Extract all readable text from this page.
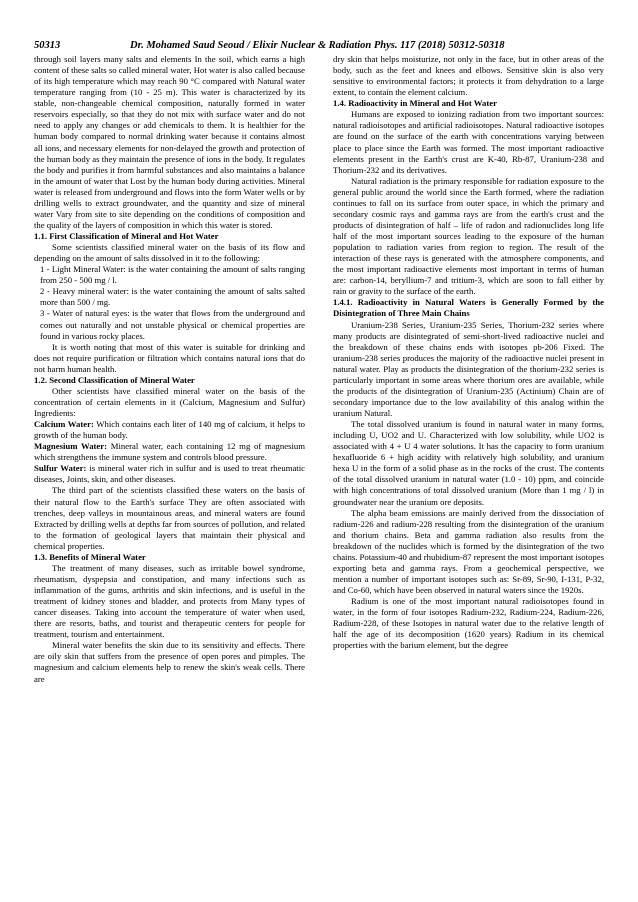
50313	Dr. Mohamed Saud Seoud / Elixir Nuclear & Radiation Phys. 117 (2018) 50312-50318

through soil layers many salts and elements In the soil, which earns a high content of these salts so called mineral water, Hot water is also called because of its high temperature which may reach 90 °C compared with Natural water temperature ranging from (10 - 25 m). This water is characterized by its stable, non-changeable chemical composition, naturally formed in water reservoirs especially, so that they do not mix with surface water and do not need to apply any changes or add chemicals to them. It is healthier for the human body compared to normal drinking water because it contains almost all ions, and necessary elements for non-delayed the growth and protection of the human body as they maintain the presence of ions in the body. It regulates the body and purifies it from harmful substances and also maintains a balance in the amount of water that Lost by the human body during activities. Mineral water is released from underground and flows into the form Water wells or by drilling wells to extract groundwater, and the quantity and size of mineral water Vary from site to site depending on the conditions of composition and the quality of the layers of composition in which this water is stored.

1.1. First Classification of Mineral and Hot Water

Some scientists classified mineral water on the basis of its flow and depending on the amount of salts dissolved in it to the following:

1 - Light Mineral Water: is the water containing the amount of salts ranging from 250 - 500 mg / l.

2 - Heavy mineral water: is the water containing the amount of salts salted more than 500 / mg.

3 - Water of natural eyes: is the water that flows from the underground and comes out naturally and not unstable physical or chemical properties are found in various rocky places.

It is worth noting that most of this water is suitable for drinking and does not require purification or filtration which contains natural ions that do not harm human health.

1.2. Second Classification of Mineral Water

Other scientists have classified mineral water on the basis of the concentration of certain elements in it (Calcium, Magnesium and Sulfur) Ingredients:

Calcium Water: Which contains each liter of 140 mg of calcium, it helps to growth of the human body.

Magnesium Water: Mineral water, each containing 12 mg of magnesium which strengthens the immune system and controls blood pressure.

Sulfur Water: is mineral water rich in sulfur and is used to treat rheumatic diseases, Joints, skin, and other diseases.

The third part of the scientists classified these waters on the basis of their natural flow to the Earth's surface They are often associated with trenches, deep valleys in mountainous areas, and mineral waters are found Extracted by drilling wells at depths far from sources of pollution, and related to the formation of geological layers that maintain their physical and chemical properties.

1.3. Benefits of Mineral Water

The treatment of many diseases, such as irritable bowel syndrome, rheumatism, dyspepsia and constipation, and many infections such as inflammation of the gums, arthritis and skin infections, and is useful in the treatment of kidney stones and bladder, and protects from Many types of cancer diseases. Taking into account the temperature of water when used, there are resorts, baths, and tourist and therapeutic centers for people for treatment, tourism and entertainment.

Mineral water benefits the skin due to its sensitivity and effects. There are oily skin that suffers from the presence of open pores and pimples. The magnesium and calcium elements help to renew the skin's weak cells. There are

dry skin that helps moisturize, not only in the face, but in other areas of the body, such as the feet and knees and elbows. Sensitive skin is also very sensitive to environmental factors; it protects it from dehydration to a large extent, to contain the element calcium.

1.4. Radioactivity in Mineral and Hot Water

Humans are exposed to ionizing radiation from two important sources: natural radioisotopes and artificial radioisotopes. Natural radioactive isotopes are found on the surface of the earth with concentrations varying between place to place since the Earth was formed. The most important radioactive elements present in the Earth's crust are K-40, Rb-87, Uranium-238 and Thorium-232 and its derivatives.

Natural radiation is the primary responsible for radiation exposure to the general public around the world since the Earth formed, where the radiation continues to fall on its surface from outer space, in which the primary and secondary cosmic rays and gamma rays are from the earth's crust and the products of disintegration of half – life of radon and radionuclides long life half of the most important sources leading to the exposure of the human population to radiation varies from region to region. The result of the interaction of these rays is generated with the atmosphere components, and the most important radioactive elements most important in terms of human are: carbon-14, beryllium-7 and tritium-3, which are soon to fall either by rain or gravity to the surface of the earth.

1.4.1. Radioactivity in Natural Waters is Generally Formed by the Disintegration of Three Main Chains

Uranium-238 Series, Uranium-235 Series, Thorium-232 series where many products are disintegrated of semi-short-lived radioactive nuclei and the breakdown of these chains ends with isotopes pb-206 Fixed. The uranium-238 series produces the majority of the radioactive nuclei present in natural water. Play as products the disintegration of the thorium-232 series is particularly important in some areas where thorium ores are available, while the products of the disintegration of Uranium-235 (Actinium) Chain are of secondary importance due to the low availability of this analog within the uranium Natural.

The total dissolved uranium is found in natural water in many forms, including U, UO2 and U. Characterized with low solubility, while UO2 is associated with 4 + U 4 water solutions. It has the capacity to form uranium hexafluoride 6 + high acidity with relatively high solubility, and uranium hexa U in the form of a solid phase as in the rocks of the crust. The contents of the total dissolved uranium in natural water (1.0 - 10) ppm, and coincide with high concentrations of total dissolved uranium (More than 1 mg / l) in groundwater near the uranium ore deposits.

The alpha beam emissions are mainly derived from the dissociation of radium-226 and radium-228 resulting from the disintegration of the uranium and thorium chains. Beta and gamma radiation also results from the breakdown of the nuclides which is formed by the disintegration of the two chains. Potassium-40 and rhubidium-87 represent the most important isotopes exporting beta and gamma rays. From a geochemical perspective, we mention a number of important isotopes such as: Sr-89, Sr-90, I-131, P-32, and Co-60, which have been observed in natural waters since the 1920s.

Radium is one of the most important natural radioisotopes found in water, in the form of four isotopes Radium-232, Radium-224, Radium-226, Radium-228, of these Isotopes in natural water due to the relative length of half the age of its decomposition (1620 years) Radium in its chemical properties with the barium element, but the degree
